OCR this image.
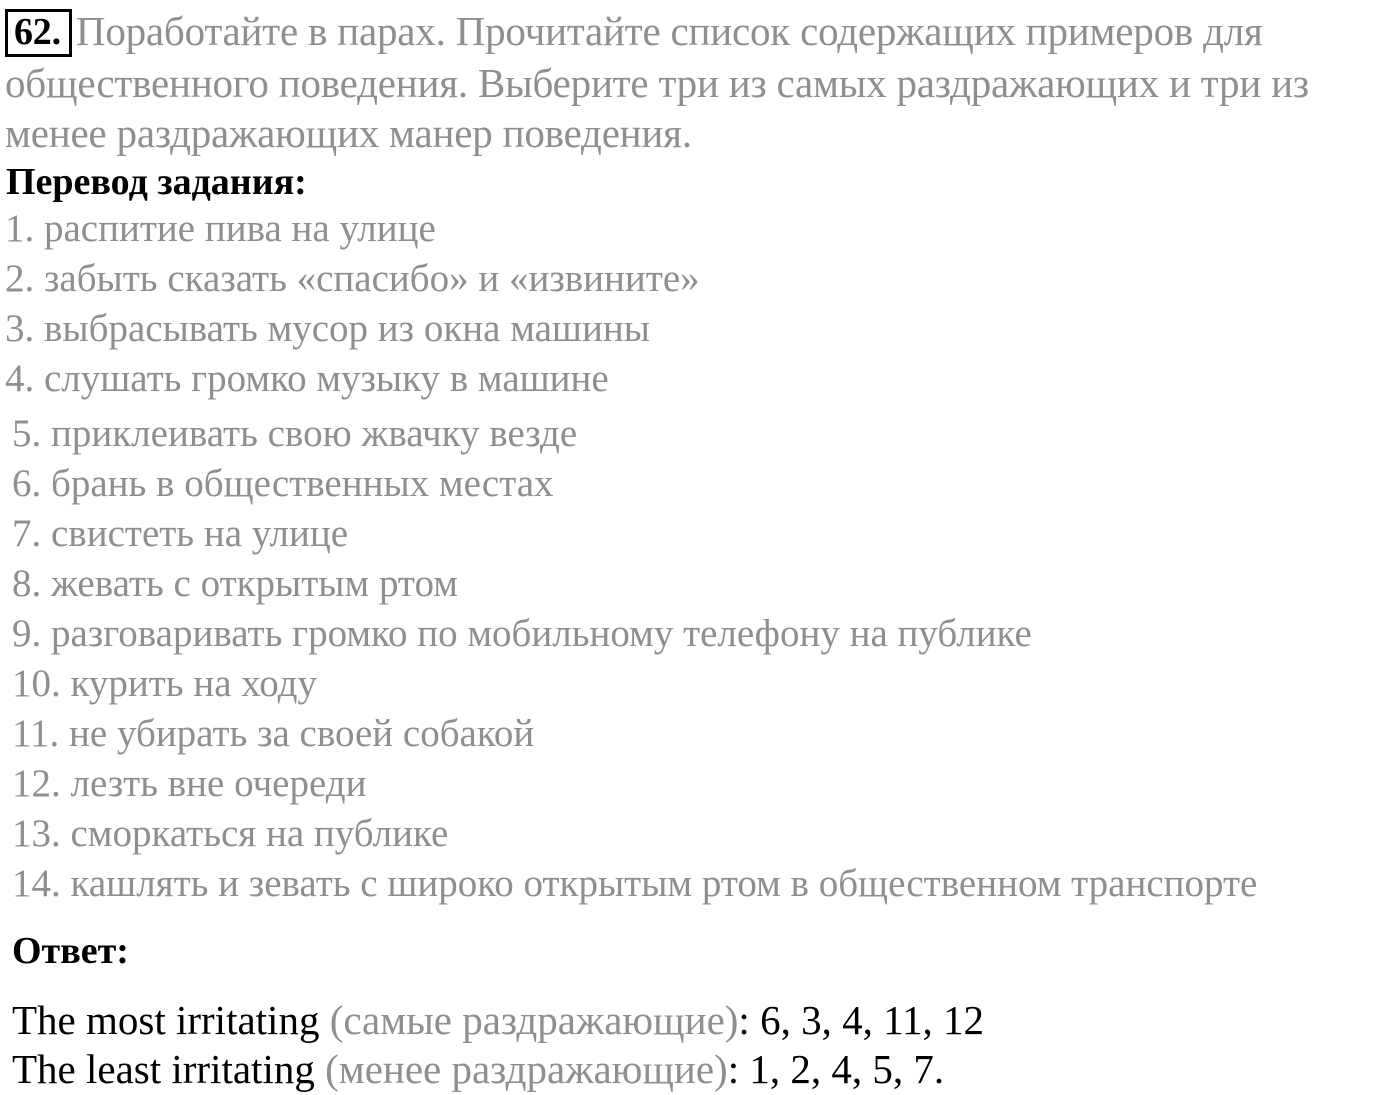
62. Поработайте в парах. Прочитайте список содержащих примеров для общественного поведения. Выберите три из самых раздражающих и три из менее раздражающих манер поведения.
Перевод задания:
1. распитие пива на улице
2. забыть сказать «спасибо» и «извините»
3. выбрасывать мусор из окна машины
4. слушать громко музыку в машине
5. приклеивать свою жвачку везде
6. брань в общественных местах
7. свистеть на улице
8. жевать с открытым ртом
9. разговаривать громко по мобильному телефону на публике
10. курить на ходу
11. не убирать за своей собакой
12. лезть вне очереди
13. сморкаться на публике
14. кашлять и зевать с широко открытым ртом в общественном транспорте
Ответ:
The most irritating (самые раздражающие): 6, 3, 4, 11, 12
The least irritating (менее раздражающие): 1, 2, 4, 5, 7.
